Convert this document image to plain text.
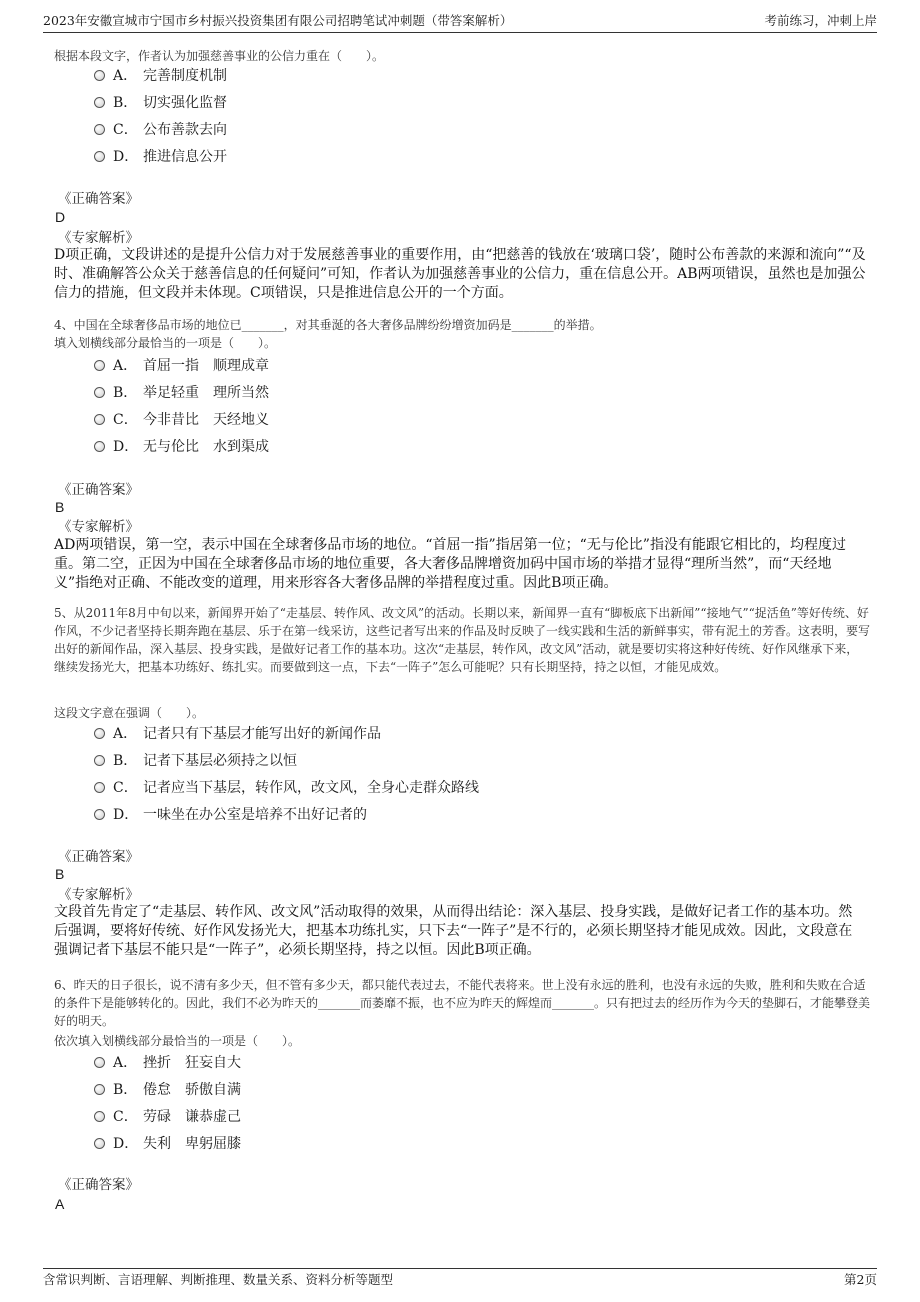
2023年安徽宣城市宁国市乡村振兴投资集团有限公司招聘笔试冲刺题（带答案解析）	考前练习，冲刺上岸
根据本段文字，作者认为加强慈善事业的公信力重在（　　）。
A． 完善制度机制
B． 切实强化监督
C． 公布善款去向
D． 推进信息公开
《正确答案》
D
《专家解析》
D项正确，文段讲述的是提升公信力对于发展慈善事业的重要作用，由“把慈善的钱放在‘玻璃口袋’，随时公布善款的来源和流向”“及时、准确解答公众关于慈善信息的任何疑问”可知，作者认为加强慈善事业的公信力，重在信息公开。AB两项错误，虽然也是加强公信力的措施，但文段并未体现。C项错误，只是推进信息公开的一个方面。
4、中国在全球奢侈品市场的地位已_______，对其垂涎的各大奢侈品牌纷纷增资加码是_______的举措。
填入划横线部分最恰当的一项是（　　）。
A． 首屈一指 顺理成章
B． 举足轻重 理所当然
C． 今非昔比 天经地义
D． 无与伦比 水到渠成
《正确答案》
B
《专家解析》
AD两项错误，第一空，表示中国在全球奢侈品市场的地位。“首屈一指”指居第一位；“无与伦比”指没有能跟它相比的，均程度过重。第二空，正因为中国在全球奢侈品市场的地位重要，各大奢侈品牌增资加码中国市场的举措才显得“理所当然”，而“天经地义”指绝对正确、不能改变的道理，用来形容各大奢侈品牌的举措程度过重。因此B项正确。
5、从2011年8月中旬以来，新闻界开始了“走基层、转作风、改文风”的活动。长期以来，新闻界一直有“脚板底下出新闻”“接地气”“捉活鱼”等好传统、好作风，不少记者坚持长期奔跑在基层、乐于在第一线采访，这些记者写出来的作品及时反映了一线实践和生活的新鲜事实，带有泥土的芳香。这表明，要写出好的新闻作品，深入基层、投身实践，是做好记者工作的基本功。这次“走基层，转作风，改文风”活动，就是要切实将这种好传统、好作风继承下来，继续发扬光大，把基本功练好、练扎实。而要做到这一点，下去“一阵子”怎么可能呢？只有长期坚持，持之以恒，才能见成效。
这段文字意在强调（　　）。
A． 记者只有下基层才能写出好的新闻作品
B． 记者下基层必须持之以恒
C． 记者应当下基层，转作风，改文风，全身心走群众路线
D． 一味坐在办公室是培养不出好记者的
《正确答案》
B
《专家解析》
文段首先肯定了“走基层、转作风、改文风”活动取得的效果，从而得出结论：深入基层、投身实践，是做好记者工作的基本功。然后强调，要将好传统、好作风发扬光大，把基本功练扎实，只下去“一阵子”是不行的，必须长期坚持才能见成效。因此，文段意在强调记者下基层不能只是“一阵子”，必须长期坚持，持之以恒。因此B项正确。
6、昨天的日子很长，说不清有多少天，但不管有多少天，都只能代表过去，不能代表将来。世上没有永远的胜利，也没有永远的失败，胜利和失败在合适的条件下是能够转化的。因此，我们不必为昨天的_______而萎靡不振，也不应为昨天的辉煌而_______。只有把过去的经历作为今天的垫脚石，才能攀登美好的明天。
依次填入划横线部分最恰当的一项是（　　）。
A． 挫折 狂妄自大
B． 倦怠 骄傲自满
C． 劳碌 谦恭虚己
D． 失利 卑躬屈膝
《正确答案》
A
含常识判断、言语理解、判断推理、数量关系、资料分析等题型	第2页
